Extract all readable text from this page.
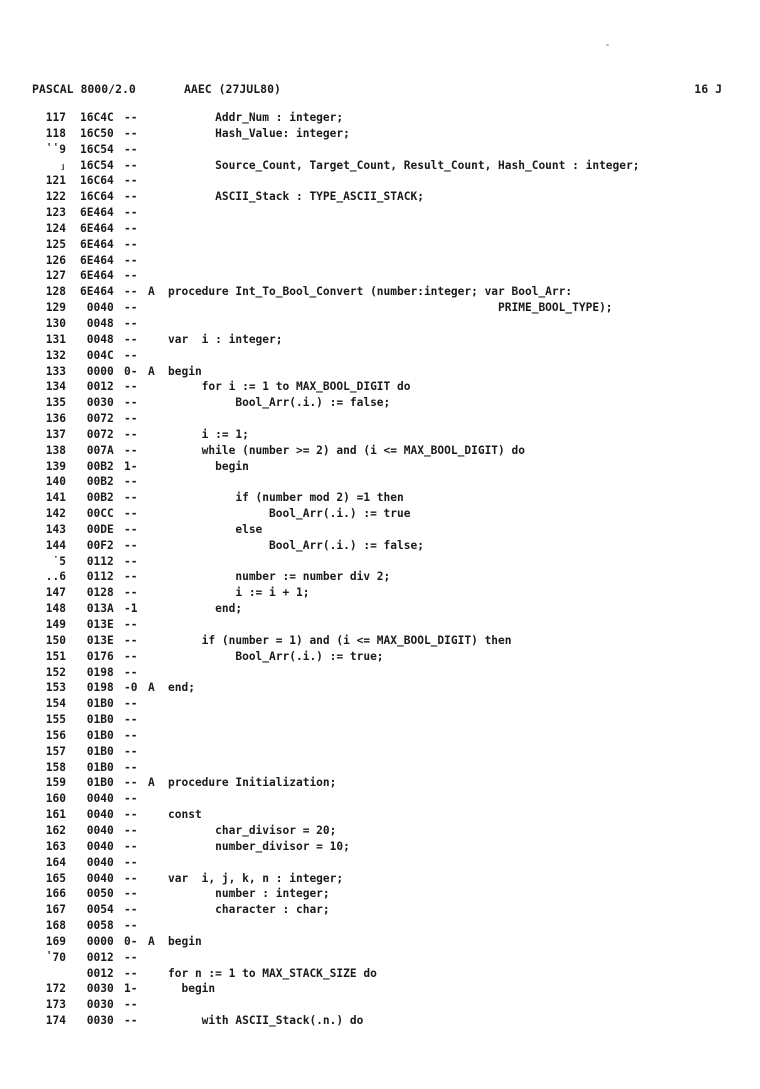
PASCAL 8000/2.0	AAEC (27JUL80)	16 J
117 16C4C --	Addr_Num : integer;
118 16C50 --	Hash_Value: integer;
ʽʽ9 16C54 --
ⱼ 16C54 --	Source_Count, Target_Count, Result_Count, Hash_Count : integer;
121 16C64 --
122 16C64 --	ASCII_Stack : TYPE_ASCII_STACK;
123 6E464 --
124 6E464 --
125 6E464 --
126 6E464 --
127 6E464 --
128 6E464 -- A procedure Int_To_Bool_Convert (number:integer; var Bool_Arr:
129 0040 --	PRIME_BOOL_TYPE);
130 0048 --
131 0048 --	var  i : integer;
132 004C --
133 0000 0- A begin
134 0012 --	for i := 1 to MAX_BOOL_DIGIT do
135 0030 --	Bool_Arr(.i.) := false;
136 0072 --
137 0072 --	i := 1;
138 007A --	while (number >= 2) and (i <= MAX_BOOL_DIGIT) do
139 00B2 1-	begin
140 00B2 --
141 00B2 --	if (number mod 2) =1 then
142 00CC --	Bool_Arr(.i.) := true
143 00DE --	else
144 00F2 --	Bool_Arr(.i.) := false;
˙5 0112 --
..6 0112 --	number := number div 2;
147 0128 --	i := i + 1;
148 013A -1	end;
149 013E --
150 013E --	if (number = 1) and (i <= MAX_BOOL_DIGIT) then
151 0176 --	Bool_Arr(.i.) := true;
152 0198 --
153 0198 -0 A end;
154 01B0 --
155 01B0 --
156 01B0 --
157 01B0 --
158 01B0 --
159 01B0 -- A procedure Initialization;
160 0040 --
161 0040 --	const
162 0040 --	char_divisor = 20;
163 0040 --	number_divisor = 10;
164 0040 --
165 0040 --	var  i, j, k, n : integer;
166 0050 --	number : integer;
167 0054 --	character : char;
168 0058 --
169 0000 0- A begin
ʽ70 0012 --
0012 --	for n := 1 to MAX_STACK_SIZE do
172 0030 1-	begin
173 0030 --
174 0030 --	with ASCII_Stack(.n.) do
